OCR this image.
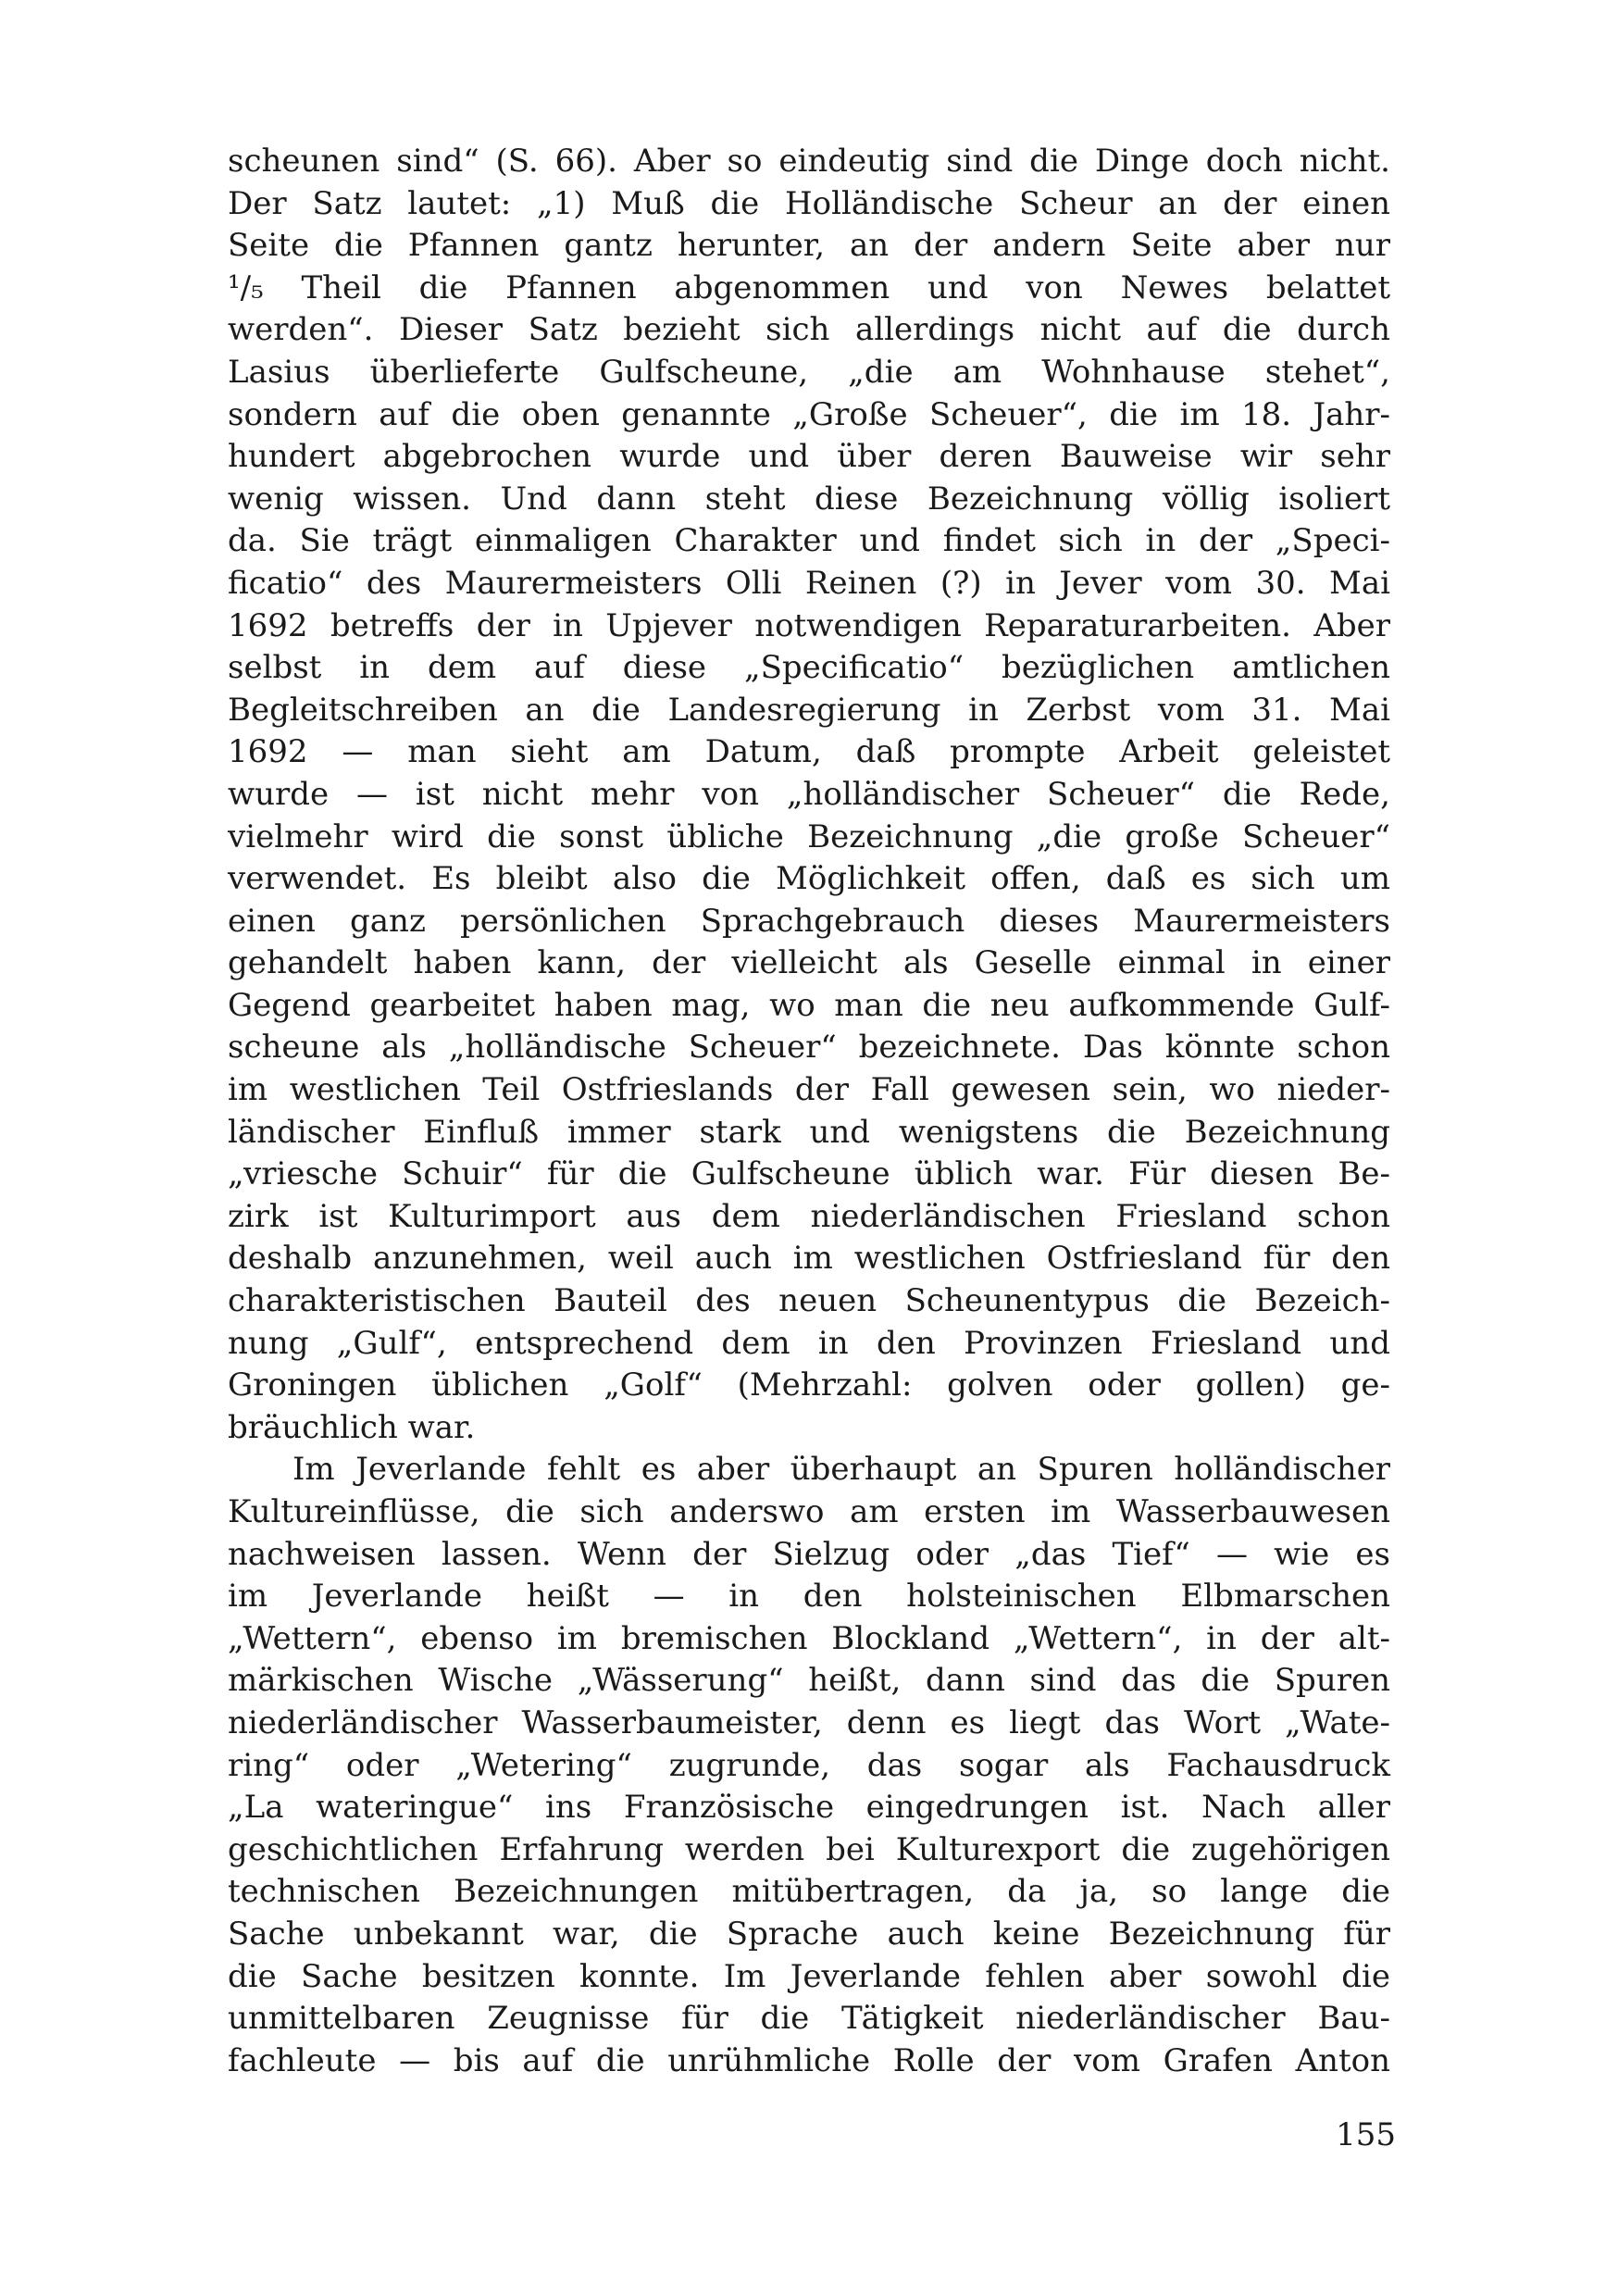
scheunen sind“ (S. 66). Aber so eindeutig sind die Dinge doch nicht.
Der Satz lautet: „1) Muß die Holländische Scheur an der einen
Seite die Pfannen gantz herunter, an der andern Seite aber nur
¹/₅ Theil die Pfannen abgenommen und von Newes belattet
werden“. Dieser Satz bezieht sich allerdings nicht auf die durch
Lasius überlieferte Gulfscheune, „die am Wohnhause stehet“,
sondern auf die oben genannte „Große Scheuer“, die im 18. Jahr-
hundert abgebrochen wurde und über deren Bauweise wir sehr
wenig wissen. Und dann steht diese Bezeichnung völlig isoliert
da. Sie trägt einmaligen Charakter und findet sich in der „Speci-
ficatio“ des Maurermeisters Olli Reinen (?) in Jever vom 30. Mai
1692 betreffs der in Upjever notwendigen Reparaturarbeiten. Aber
selbst in dem auf diese „Specificatio“ bezüglichen amtlichen
Begleitschreiben an die Landesregierung in Zerbst vom 31. Mai
1692 — man sieht am Datum, daß prompte Arbeit geleistet
wurde — ist nicht mehr von „holländischer Scheuer“ die Rede,
vielmehr wird die sonst übliche Bezeichnung „die große Scheuer“
verwendet. Es bleibt also die Möglichkeit offen, daß es sich um
einen ganz persönlichen Sprachgebrauch dieses Maurermeisters
gehandelt haben kann, der vielleicht als Geselle einmal in einer
Gegend gearbeitet haben mag, wo man die neu aufkommende Gulf-
scheune als „holländische Scheuer“ bezeichnete. Das könnte schon
im westlichen Teil Ostfrieslands der Fall gewesen sein, wo nieder-
ländischer Einfluß immer stark und wenigstens die Bezeichnung
„vriesche Schuir“ für die Gulfscheune üblich war. Für diesen Be-
zirk ist Kulturimport aus dem niederländischen Friesland schon
deshalb anzunehmen, weil auch im westlichen Ostfriesland für den
charakteristischen Bauteil des neuen Scheunentypus die Bezeich-
nung „Gulf“, entsprechend dem in den Provinzen Friesland und
Groningen üblichen „Golf“ (Mehrzahl: golven oder gollen) ge-
bräuchlich war.
Im Jeverlande fehlt es aber überhaupt an Spuren holländischer
Kultureinflüsse, die sich anderswo am ersten im Wasserbauwesen
nachweisen lassen. Wenn der Sielzug oder „das Tief“ — wie es
im Jeverlande heißt — in den holsteinischen Elbmarschen
„Wettern“, ebenso im bremischen Blockland „Wettern“, in der alt-
märkischen Wische „Wässerung“ heißt, dann sind das die Spuren
niederländischer Wasserbaumeister, denn es liegt das Wort „Wate-
ring“ oder „Wetering“ zugrunde, das sogar als Fachausdruck
„La wateringue“ ins Französische eingedrungen ist. Nach aller
geschichtlichen Erfahrung werden bei Kulturexport die zugehörigen
technischen Bezeichnungen mitübertragen, da ja, so lange die
Sache unbekannt war, die Sprache auch keine Bezeichnung für
die Sache besitzen konnte. Im Jeverlande fehlen aber sowohl die
unmittelbaren Zeugnisse für die Tätigkeit niederländischer Bau-
fachleute — bis auf die unrühmliche Rolle der vom Grafen Anton
155
